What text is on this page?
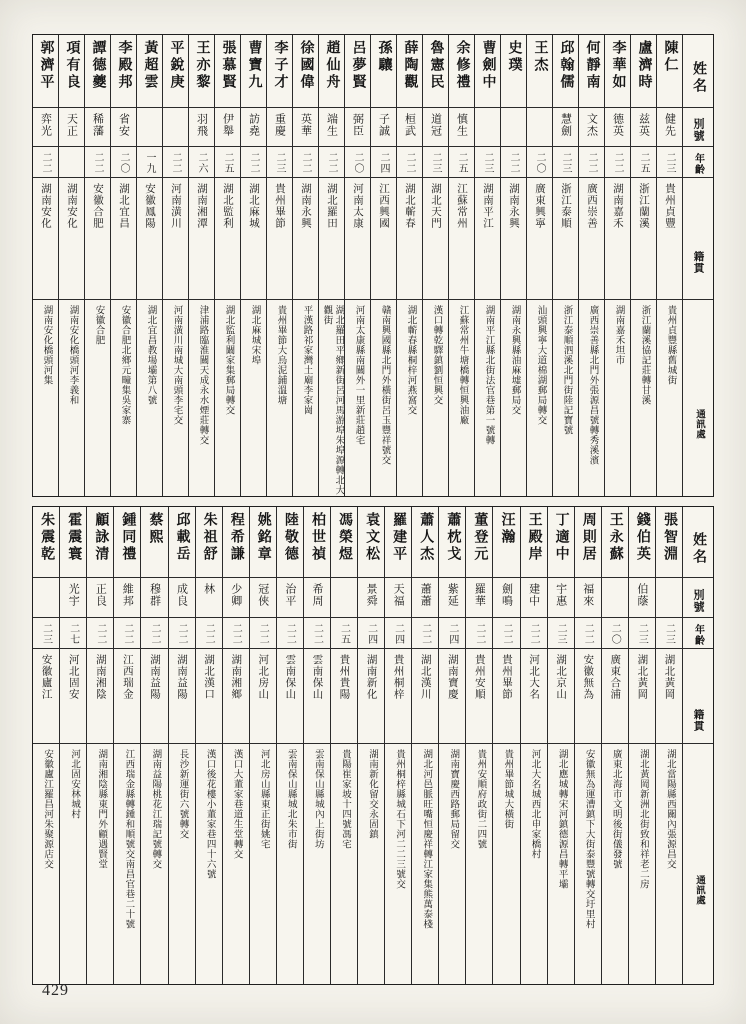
姓名
別號
年齡
籍貫
通訊處
陳仁
健先
二三
貴州貞豐
貴州貞豐縣舊城街
盧濟時
兹英
二五
浙江蘭溪
浙江蘭溪協記莊轉甘溪
李華如
德英
二二
湖南嘉禾
湖南嘉禾坦市
何靜南
文杰
二二
廣西崇善
廣西崇善縣北門外張源昌號轉秀溪濱
邱翰儒
慧劍
二三
浙江泰順
浙江泰順泗溪北門街陸記寶號
王杰
二〇
廣東興寧
汕頭興寧大道棉湖郵局轉交
史璞
二二
湖南永興
湖南永興縣油麻墟郵局交
曹劍中
二三
湖南平江
湖南平江縣北街法官巷第一號轉
余修禮
慎生
二五
江蘇常州
江蘇常州牛塘橋轉恒興油廠
魯憲民
道冠
二三
湖北天門
漢口轉乾驛鎮劉恒興交
薛陶觀
桓武
二二
湖北蘄春
湖北蘄春縣桐梓河燕窩交
孫驤
子誠
二四
江西興國
贛南興國縣北門外橫街呂玉豐祥號交
呂夢賢
弼臣
二〇
河南太康
河南太康縣南關外一里新莊趙宅
趙仙舟
端生
二二
湖北羅田
湖北羅田平鄉新街呂河馬游埠朱埠源轉北大觀街
徐國偉
英華
二二
湖南永興
平漢路祁家灣土廟李家崗
李子才
重慶
二三
貴州畢節
貴州畢節大烏泥鋪溫塘
曹寶九
訪堯
二二
湖北麻城
湖北麻城宋埠
張慕賢
伊舉
二五
湖北監利
湖北監利闞家集郵局轉交
王亦黎
羽飛
二六
湖南湘潭
津浦路臨淮關天成永水煙莊轉交
平銳庚
二二
河南潢川
河南潢川南城大南頭李宅交
黃超雲
一九
安徽鳳陽
湖北宜昌教場壩第八號
李殿邦
省安
二〇
湖北宜昌
安徽合肥北鄉元疃集吳家寨
譚德夔
稀藩
二二
安徽合肥
安徽合肥
項有良
天正
湖南安化
湖南安化橋頭河李義和
郭濟平
弈光
二二
湖南安化
湖南安化橋頭河集
姓名
別號
年齡
籍貫
通訊處
張智淵
二三
湖北黃岡
湖北當陽縣西關內張源昌交
錢伯英
伯蔭
二三
湖北黃岡
湖北黃岡新洲北街致和祥老二房
王永蘇
二〇
廣東合浦
廣東北海市文明後街儀發號
周則居
福來
二二
安徽無為
安徽無為運漕鎮下大街泰豐號轉交圩里村
丁適中
宇惠
二三
湖北京山
湖北應城轉宋河鎮德源昌轉平壩
王殿岸
建中
二二
河北大名
河北大名城西北申家橋村
汪瀚
劍鳴
二二
貴州畢節
貴州畢節城大橫街
董登元
羅華
二二
貴州安順
貴州安順府政街二四號
蕭枕戈
紫延
二四
湖南寶慶
湖南寶慶西路郵局留交
蕭人杰
蕭蕭
二二
湖北漢川
湖北河邑脈旺嘴恒慶祥轉江家集熊萬泰棧
羅建平
天福
二四
貴州桐梓
貴州桐梓縣城石下河二二三號交
袁文松
景舜
二四
湖南新化
湖南新化留交永固鎮
馮榮煜
二五
貴州貴陽
貴陽崔家坡十四號馮宅
柏世禎
希周
二二
雲南保山
雲南保山縣城內上街坊
陸敬德
治平
二二
雲南保山
雲南保山縣城北朱市街
姚銘章
冠俠
二二
河北房山
河北房山縣東正街姚宅
程希謙
少卿
二二
湖南湘鄉
漢口大董家巷道生堂轉交
朱祖舒
林
二二
湖北漢口
漢口後花樓小董家巷四十六號
邱載岳
成良
二二
湖南益陽
長沙新運街六號轉交
蔡熙
穆群
二二
湖南益陽
湖南益陽桃花江瑞記號轉交
鍾同禮
維邦
二二
江西瑞金
江西瑞金縣轉鍾和順號交南昌官巷二十號
顧詠清
正良
二二
湖南湘陰
湖南湘陰縣東門外顧遇賢堂
霍震寰
光宇
二七
河北固安
河北固安林城村
朱震乾
二三
安徽廬江
安徽廬江羅昌河朱聚源店交
429
